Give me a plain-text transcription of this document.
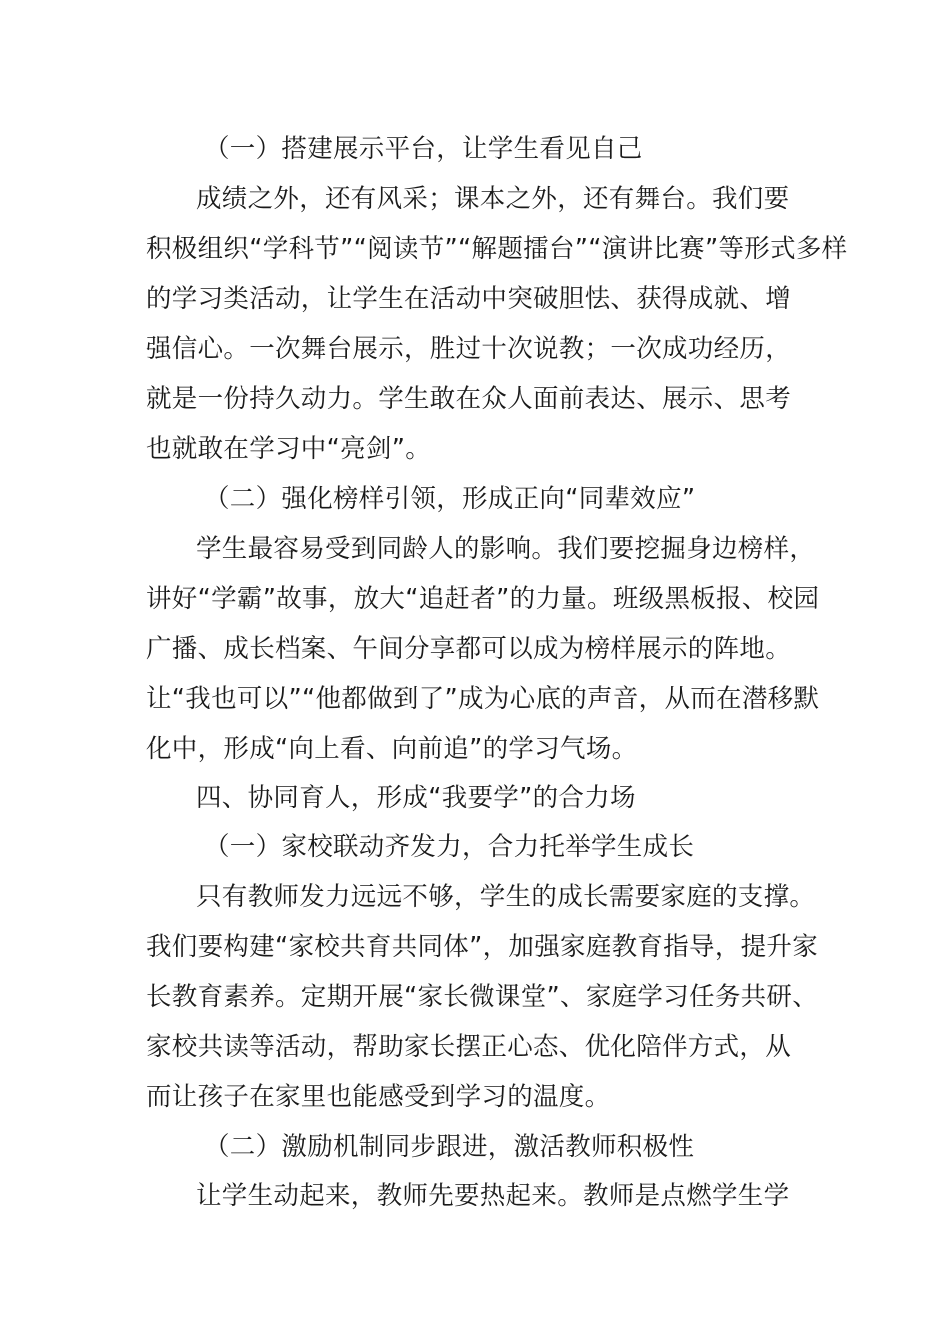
（一）搭建展示平台，让学生看见自己
成绩之外，还有风采；课本之外，还有舞台。我们要
积极组织“学科节”“阅读节”“解题擂台”“演讲比赛”等形式多样
的学习类活动，让学生在活动中突破胆怯、获得成就、增
强信心。一次舞台展示，胜过十次说教；一次成功经历，
就是一份持久动力。学生敢在众人面前表达、展示、思考
也就敢在学习中“亮剑”。
（二）强化榜样引领，形成正向“同辈效应”
学生最容易受到同龄人的影响。我们要挖掘身边榜样，
讲好“学霸”故事，放大“追赶者”的力量。班级黑板报、校园
广播、成长档案、午间分享都可以成为榜样展示的阵地。
让“我也可以”“他都做到了”成为心底的声音，从而在潜移默
化中，形成“向上看、向前追”的学习气场。
四、协同育人，形成“我要学”的合力场
（一）家校联动齐发力，合力托举学生成长
只有教师发力远远不够，学生的成长需要家庭的支撑。
我们要构建“家校共育共同体”，加强家庭教育指导，提升家
长教育素养。定期开展“家长微课堂”、家庭学习任务共研、
家校共读等活动，帮助家长摆正心态、优化陪伴方式，从
而让孩子在家里也能感受到学习的温度。
（二）激励机制同步跟进，激活教师积极性
让学生动起来，教师先要热起来。教师是点燃学生学
